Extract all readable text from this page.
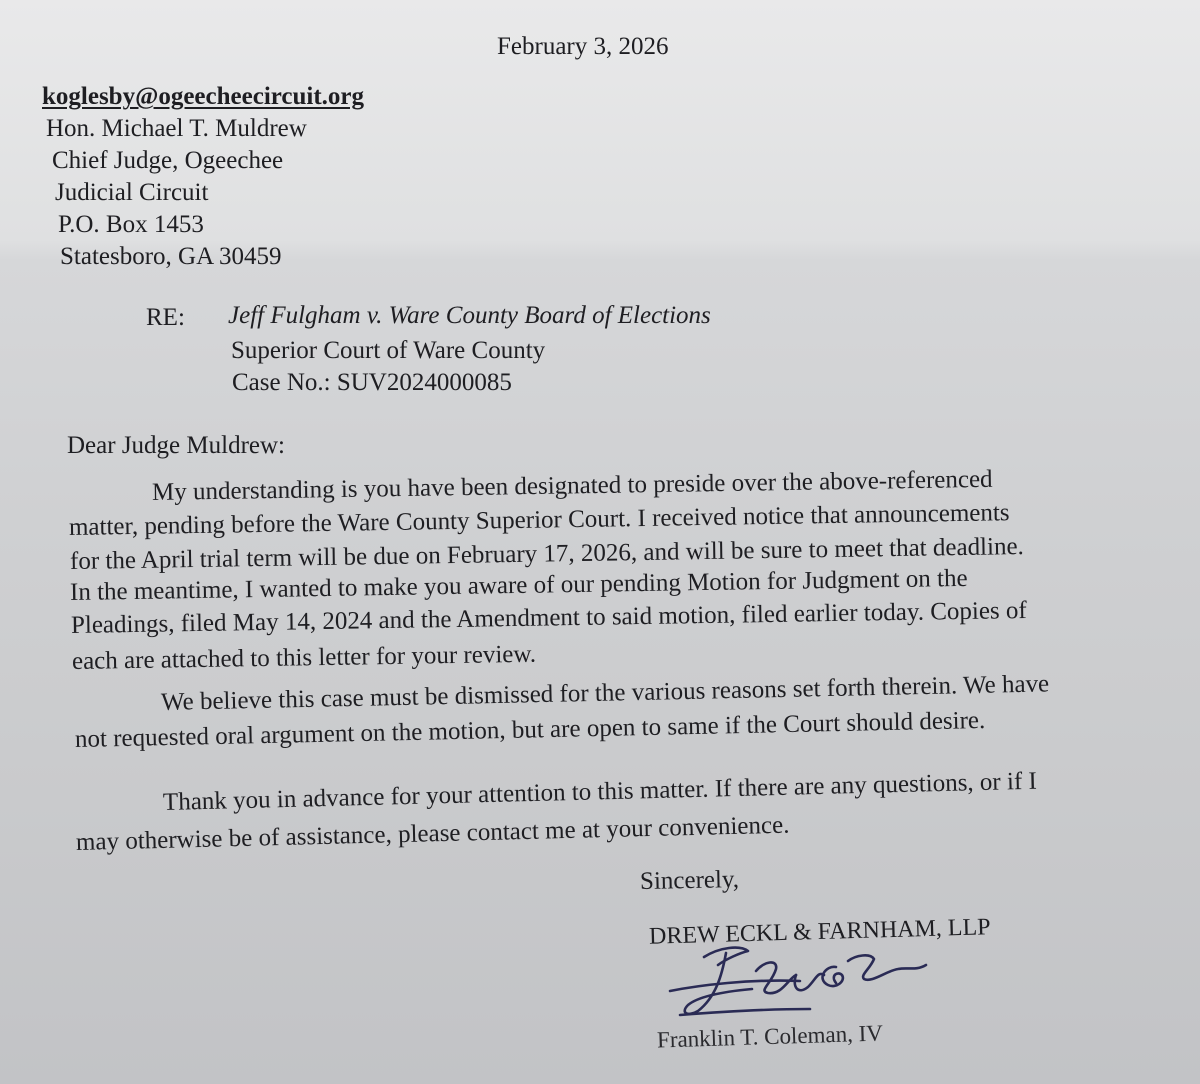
February 3, 2026
koglesby@ogeecheecircuit.org
Hon. Michael T. Muldrew
Chief Judge, Ogeechee
Judicial Circuit
P.O. Box 1453
Statesboro, GA 30459
RE: Jeff Fulgham v. Ware County Board of Elections
Superior Court of Ware County
Case No.: SUV2024000085
Dear Judge Muldrew:
My understanding is you have been designated to preside over the above-referenced
matter, pending before the Ware County Superior Court. I received notice that announcements
for the April trial term will be due on February 17, 2026, and will be sure to meet that deadline.
In the meantime, I wanted to make you aware of our pending Motion for Judgment on the
Pleadings, filed May 14, 2024 and the Amendment to said motion, filed earlier today. Copies of
each are attached to this letter for your review.
We believe this case must be dismissed for the various reasons set forth therein. We have
not requested oral argument on the motion, but are open to same if the Court should desire.
Thank you in advance for your attention to this matter. If there are any questions, or if I
may otherwise be of assistance, please contact me at your convenience.
Sincerely,
DREW ECKL & FARNHAM, LLP
Franklin T. Coleman, IV
